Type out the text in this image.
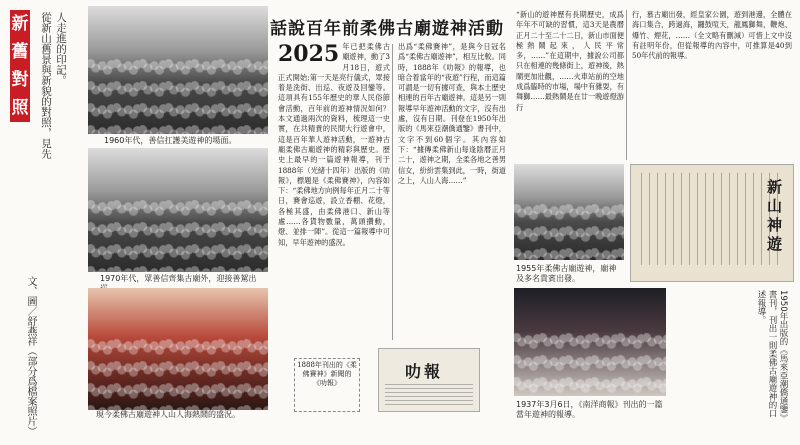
新
舊
對
照
人走進的印記。
從新山舊景與新貌的對照，見先
文、圖／舒燕祥（部分爲檔案照片）
1960年代，善信扛護美遊神的場面。
1970年代，眾善信齊集古廟外，迎接善駕出
現今柔佛古廟遊神人山人海熱鬧的盛況。
話說百年前柔佛古廟遊神活動
2025 年已把柔佛古廟遊神，動了3月18日，遊式正式開始;第一天是亮行儀式，眾接着是洗街、出巡、夜遊及回鑾等。這項具有155年歷史的華人民俗節會活動，百年前的遊神情況如何？本文通過兩次的資料，梳理這一史實，在共精貴的民間大行遊會中，這是百年華人遊神活動，一遊神古廟柔佛古廟遊神的精彩與歷史。歷史上最早的一篇遊神報導，刊于1888年（光緒十四年）出版的《叻報》，標題是《柔佛賽神》，內容如下：“柔佛地方向例每年正月二十等日，賽會巡遊，設立香棚、花燈，各極其盛，由柔佛港口、新山等處……各貨物數量，萬頭攢動，燈、並排一陣”。從這一篇報導中可知，早年遊神的盛況。
出爲“柔佛賽神”，是與今日冠名爲“柔佛古廟遊神”，相互比較。同時，1888年《叻報》的報導，也暗合着當年的“夜遊”行程，而這篇可謂是一切有據可查，與本土歷史相連的百年古廟遊神。這是另一則報導早年遊神活動的文字，沒有出處，沒有日期。刊登在1950年出版的《馬來亞潮僑通鑒》書刊中，文字不到60個字。其內容如下：“據傳柔佛新山每逢陰曆正月二十，遊神之期，全柔各地之善男信女，紛紛雲集到此，一時，街道之上，人山人海……”
“新山的遊神歷有長期歷史，成爲年年不可缺的習慣，這3天是農曆正月二十至二十二日，新山市面便極熱鬧起來，人民平常多，……”在這期中，據說公司都只在相連的幾條街上，遊神後，熱鬧更加壯觀，……火車站前的空地成爲臨時的市場，場中有雜耍，有舞獅……最熱鬧是在廿一晚遊燈游行
行，慕古廟出發，經皇家公園，遊到港邊，全體在海口集合，跨過海，鑼鼓喧天，龍鳳獅舞，鞭炮、爆竹、煙花，……（全文略有刪減）可惜上文中沒有註明年份，但從報導的內容中，可推算是40到50年代前的報導。
1955年柔佛古廟遊神，廟神及多名貴賓出發。
新山神遊
1937年3月6日，《南洋商報》刊出的一篇當年遊神的報導。	1950年出版的《馬來亞潮僑通鑒》書刊，刊出一則柔佛古廟遊神的口述報導。
1888年刊出的《柔佛賽神》新聞的《叻報》
叻報
